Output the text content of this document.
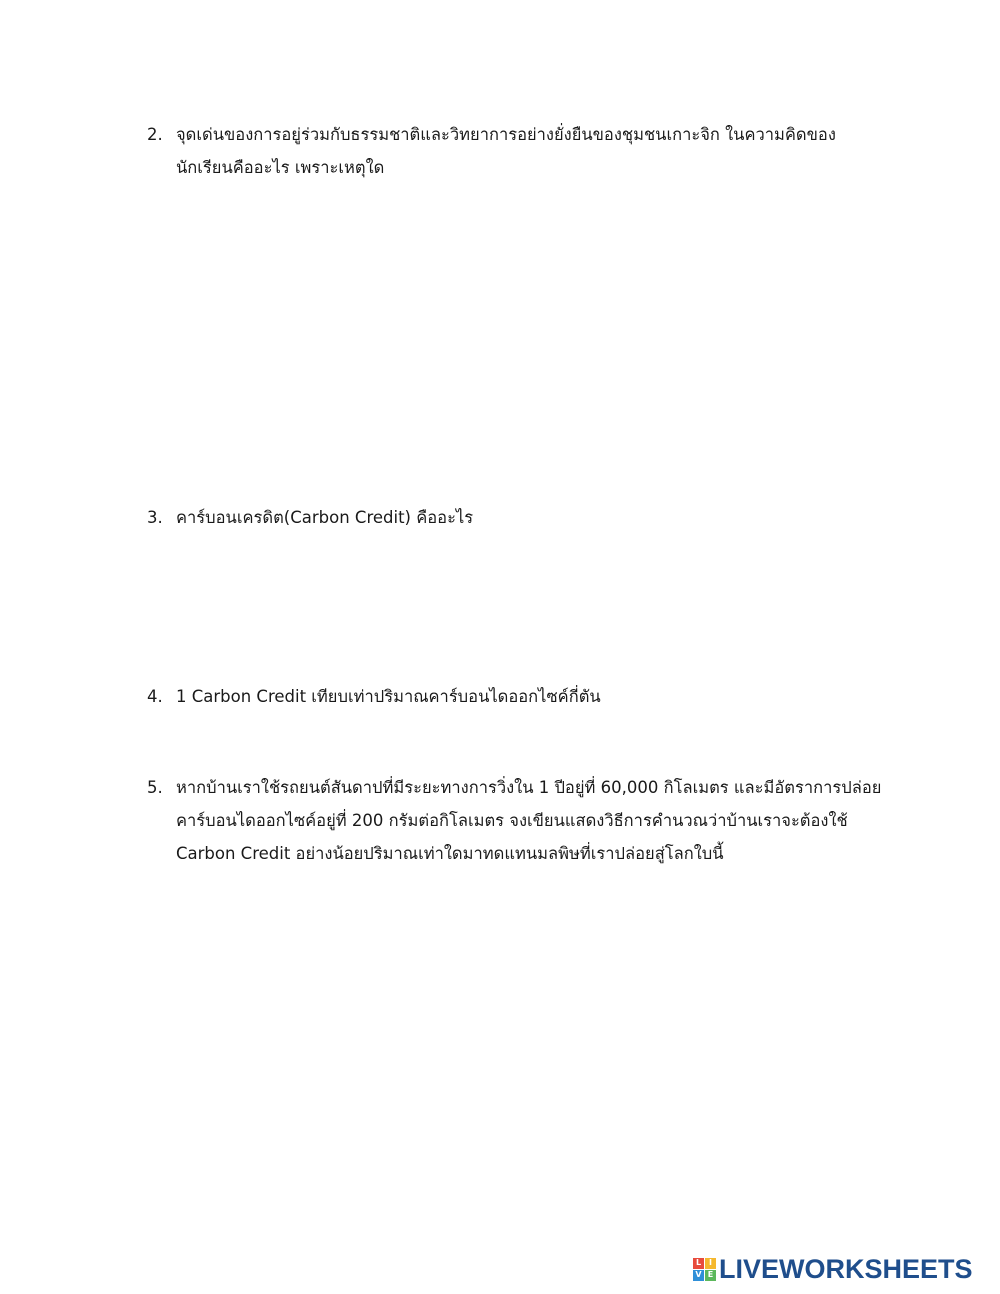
2. จุดเด่นของการอยู่ร่วมกับธรรมชาติและวิทยาการอย่างยั่งยืนของชุมชนเกาะจิก ในความคิดของ
นักเรียนคืออะไร เพราะเหตุใด
3. คาร์บอนเครดิต(Carbon Credit) คืออะไร
4. 1 Carbon Credit เทียบเท่าปริมาณคาร์บอนไดออกไซค์กี่ตัน
5. หากบ้านเราใช้รถยนต์สันดาปที่มีระยะทางการวิ่งใน 1 ปีอยู่ที่ 60,000 กิโลเมตร และมีอัตราการปล่อย
คาร์บอนไดออกไซค์อยู่ที่ 200 กรัมต่อกิโลเมตร จงเขียนแสดงวิธีการคำนวณว่าบ้านเราจะต้องใช้
Carbon Credit อย่างน้อยปริมาณเท่าใดมาทดแทนมลพิษที่เราปล่อยสู่โลกใบนี้
L I
V E LIVEWORKSHEETS
